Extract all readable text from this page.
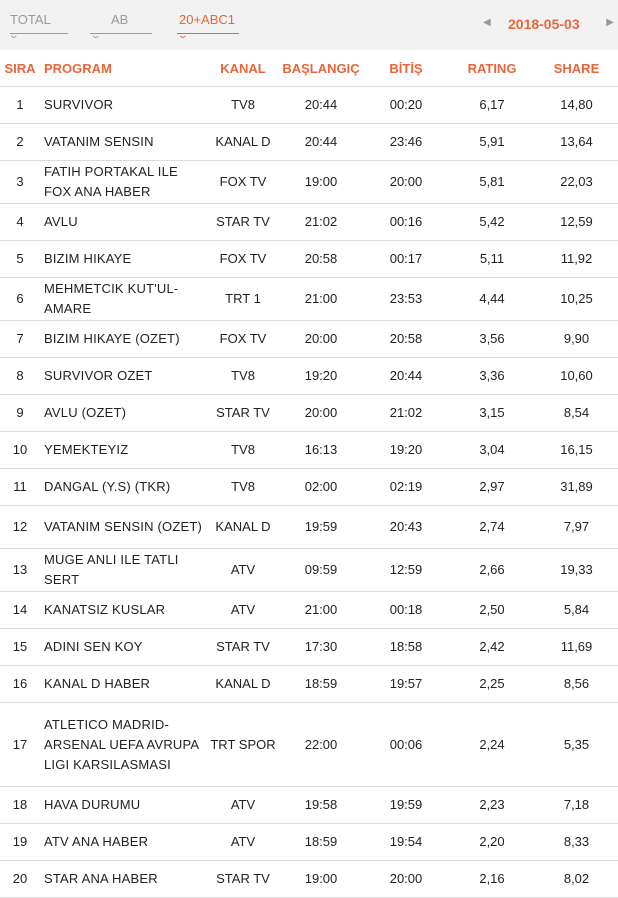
TOTAL
⌄
AB
⌄
20+ABC1
⌄
◀ 2018-05-03	▶
SIRA	PROGRAM	KANAL	BAŞLANGIÇ	BİTİŞ	RATING	SHARE
1	SURVIVOR	TV8	20:44	00:20	6,17	14,80
2	VATANIM SENSIN	KANAL D	20:44	23:46	5,91	13,64
3	FATIH PORTAKAL ILE FOX ANA HABER	FOX TV	19:00	20:00	5,81	22,03
4	AVLU	STAR TV	21:02	00:16	5,42	12,59
5	BIZIM HIKAYE	FOX TV	20:58	00:17	5,11	11,92
6	MEHMETCIK KUT'UL-AMARE	TRT 1	21:00	23:53	4,44	10,25
7	BIZIM HIKAYE (OZET)	FOX TV	20:00	20:58	3,56	9,90
8	SURVIVOR OZET	TV8	19:20	20:44	3,36	10,60
9	AVLU (OZET)	STAR TV	20:00	21:02	3,15	8,54
10	YEMEKTEYIZ	TV8	16:13	19:20	3,04	16,15
11	DANGAL (Y.S) (TKR)	TV8	02:00	02:19	2,97	31,89
12	VATANIM SENSIN (OZET)	KANAL D	19:59	20:43	2,74	7,97
13	MUGE ANLI ILE TATLI SERT	ATV	09:59	12:59	2,66	19,33
14	KANATSIZ KUSLAR	ATV	21:00	00:18	2,50	5,84
15	ADINI SEN KOY	STAR TV	17:30	18:58	2,42	11,69
16	KANAL D HABER	KANAL D	18:59	19:57	2,25	8,56
17	ATLETICO MADRID-ARSENAL UEFA AVRUPA LIGI KARSILASMASI	TRT SPOR	22:00	00:06	2,24	5,35
18	HAVA DURUMU	ATV	19:58	19:59	2,23	7,18
19	ATV ANA HABER	ATV	18:59	19:54	2,20	8,33
20	STAR ANA HABER	STAR TV	19:00	20:00	2,16	8,02
